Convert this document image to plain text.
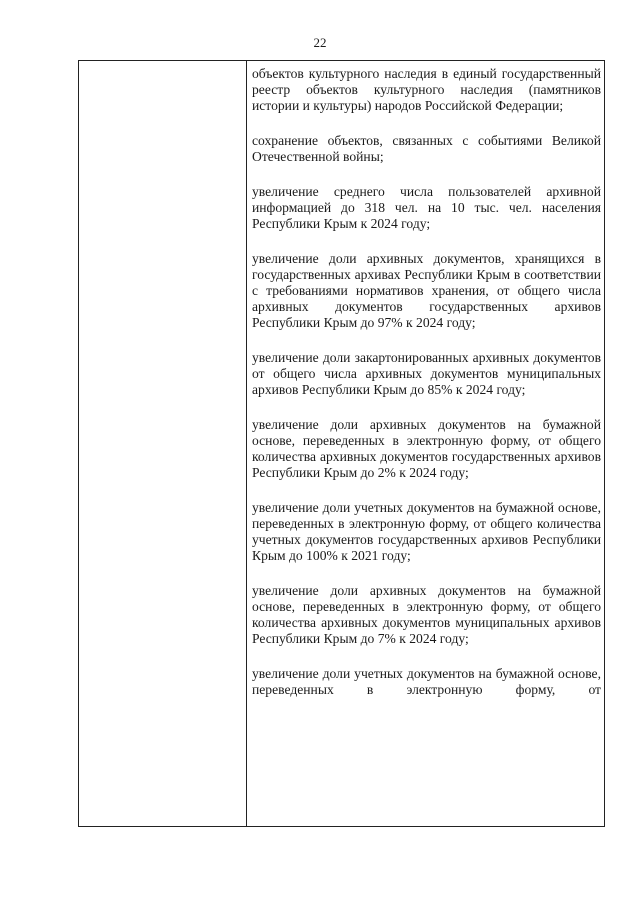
22

объектов культурного наследия в единый государственный реестр объектов культурного наследия (памятников истории и культуры) народов Российской Федерации;

сохранение объектов, связанных с событиями Великой Отечественной войны;

увеличение среднего числа пользователей архивной информацией до 318 чел. на 10 тыс. чел. населения Республики Крым к 2024 году;

увеличение доли архивных документов, хранящихся в государственных архивах Республики Крым в соответствии с требованиями нормативов хранения, от общего числа архивных документов государственных архивов Республики Крым до 97% к 2024 году;

увеличение доли закартонированных архивных документов от общего числа архивных документов муниципальных архивов Республики Крым до 85% к 2024 году;

увеличение доли архивных документов на бумажной основе, переведенных в электронную форму, от общего количества архивных документов государственных архивов Республики Крым до 2% к 2024 году;

увеличение доли учетных документов на бумажной основе, переведенных в электронную форму, от общего количества учетных документов государственных архивов Республики Крым до 100% к 2021 году;

увеличение доли архивных документов на бумажной основе, переведенных в электронную форму, от общего количества архивных документов муниципальных архивов Республики Крым до 7% к 2024 году;

увеличение доли учетных документов на бумажной основе, переведенных в электронную форму, от
